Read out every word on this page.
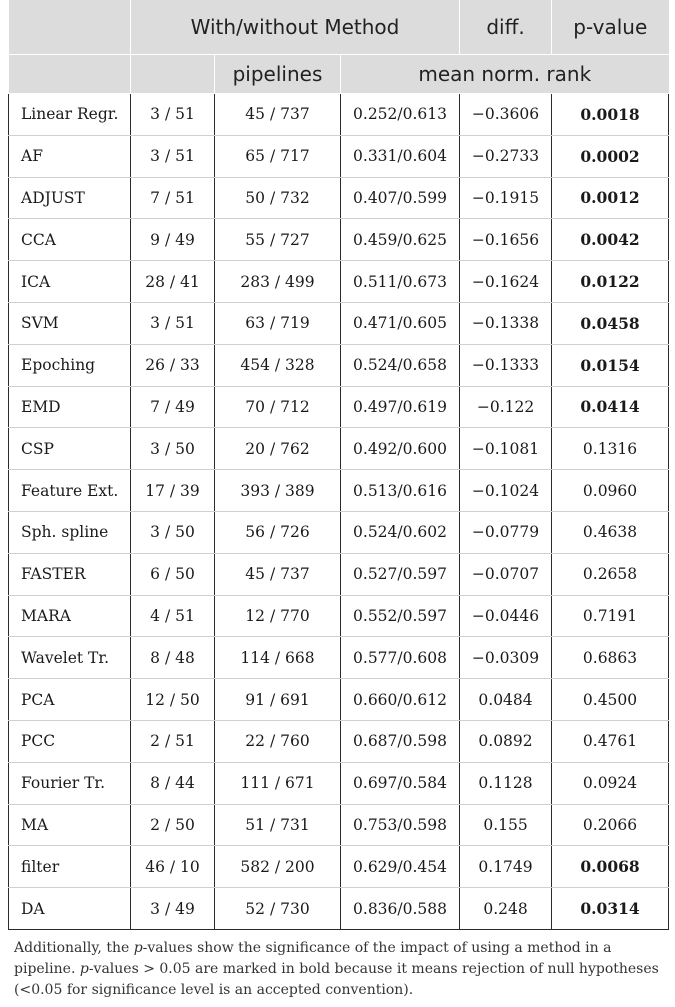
	With/without Method			diff.	p-value
		pipelines	mean norm. rank		
Linear Regr.	3 / 51	45 / 737	0.252/0.613	−0.3606	0.0018
AF	3 / 51	65 / 717	0.331/0.604	−0.2733	0.0002
ADJUST	7 / 51	50 / 732	0.407/0.599	−0.1915	0.0012
CCA	9 / 49	55 / 727	0.459/0.625	−0.1656	0.0042
ICA	28 / 41	283 / 499	0.511/0.673	−0.1624	0.0122
SVM	3 / 51	63 / 719	0.471/0.605	−0.1338	0.0458
Epoching	26 / 33	454 / 328	0.524/0.658	−0.1333	0.0154
EMD	7 / 49	70 / 712	0.497/0.619	−0.122	0.0414
CSP	3 / 50	20 / 762	0.492/0.600	−0.1081	0.1316
Feature Ext.	17 / 39	393 / 389	0.513/0.616	−0.1024	0.0960
Sph. spline	3 / 50	56 / 726	0.524/0.602	−0.0779	0.4638
FASTER	6 / 50	45 / 737	0.527/0.597	−0.0707	0.2658
MARA	4 / 51	12 / 770	0.552/0.597	−0.0446	0.7191
Wavelet Tr.	8 / 48	114 / 668	0.577/0.608	−0.0309	0.6863
PCA	12 / 50	91 / 691	0.660/0.612	0.0484	0.4500
PCC	2 / 51	22 / 760	0.687/0.598	0.0892	0.4761
Fourier Tr.	8 / 44	111 / 671	0.697/0.584	0.1128	0.0924
MA	2 / 50	51 / 731	0.753/0.598	0.155	0.2066
filter	46 / 10	582 / 200	0.629/0.454	0.1749	0.0068
DA	3 / 49	52 / 730	0.836/0.588	0.248	0.0314

Additionally, the p-values show the significance of the impact of using a method in a pipeline. p-values > 0.05 are marked in bold because it means rejection of null hypotheses (<0.05 for significance level is an accepted convention).
